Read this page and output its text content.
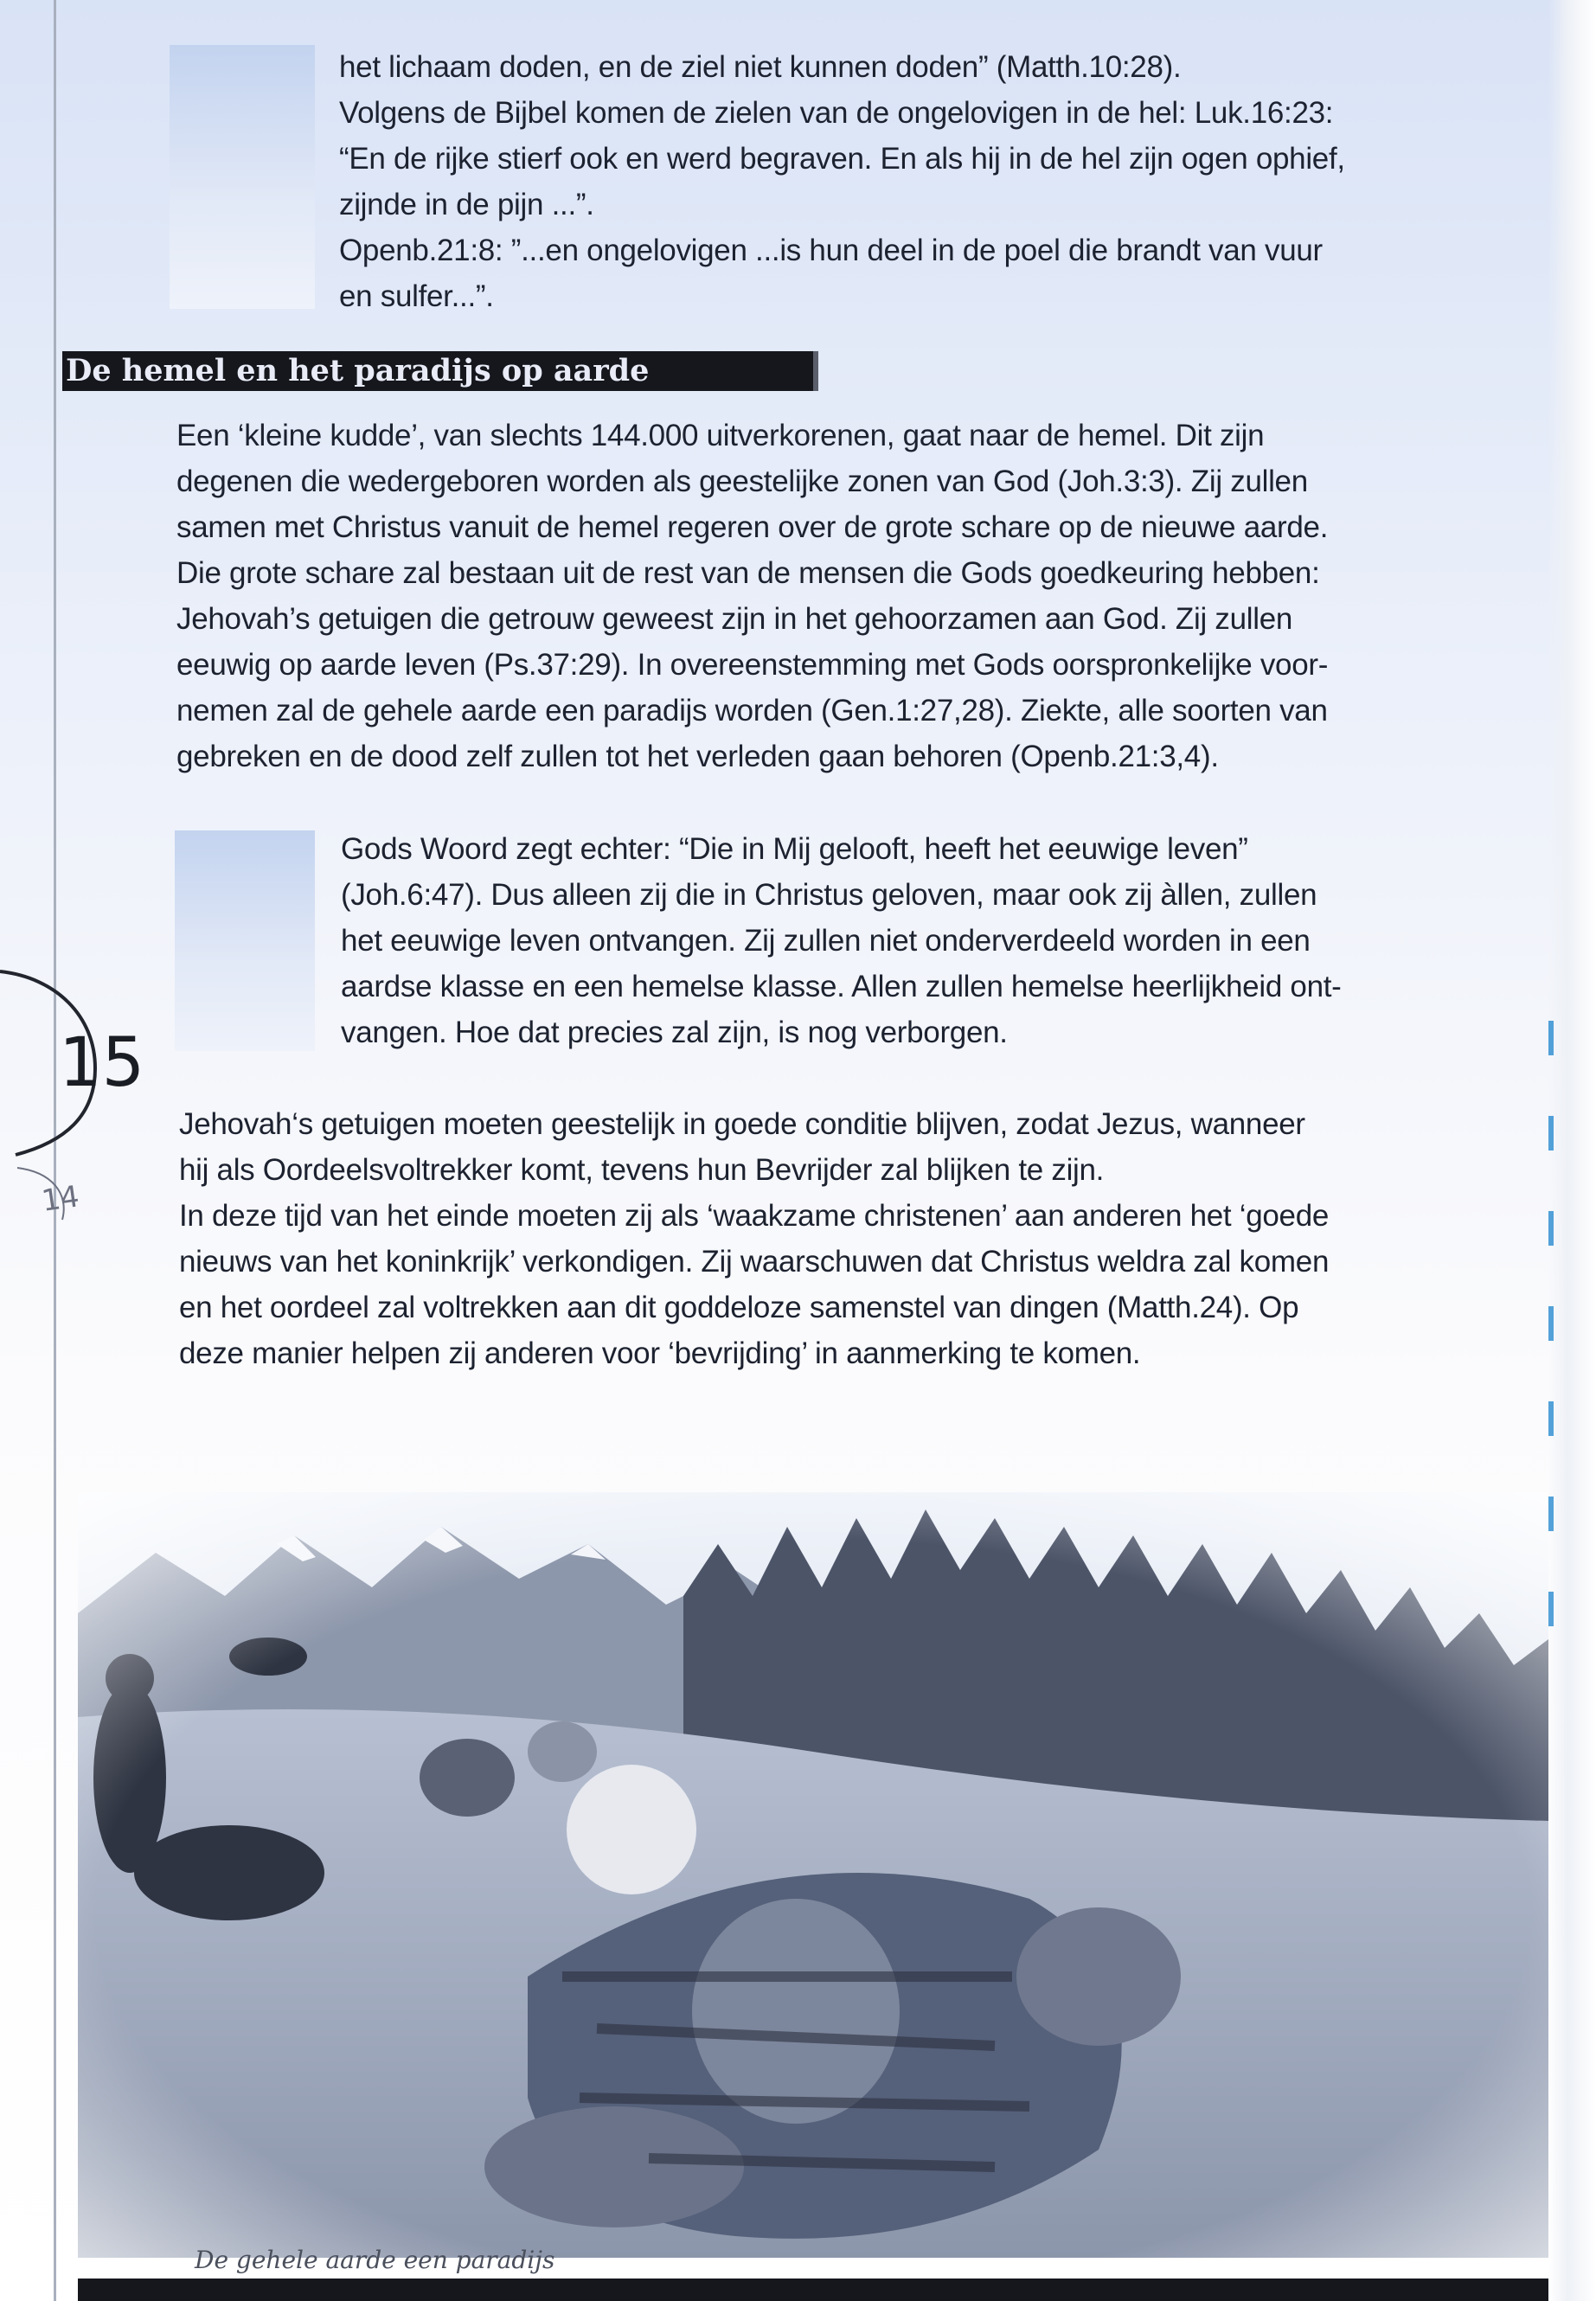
het lichaam doden, en de ziel niet kunnen doden” (Matth.10:28).
Volgens de Bijbel komen de zielen van de ongelovigen in de hel: Luk.16:23:
“En de rijke stierf ook en werd begraven. En als hij in de hel zijn ogen ophief,
zijnde in de pijn ...”.
Openb.21:8: ”...en ongelovigen ...is hun deel in de poel die brandt van vuur
en sulfer...”.
De hemel en het paradijs op aarde
Een ‘kleine kudde’, van slechts 144.000 uitverkorenen, gaat naar de hemel. Dit zijn
degenen die wedergeboren worden als geestelijke zonen van God (Joh.3:3). Zij zullen
samen met Christus vanuit de hemel regeren over de grote schare op de nieuwe aarde.
Die grote schare zal bestaan uit de rest van de mensen die Gods goedkeuring hebben:
Jehovah’s getuigen die getrouw geweest zijn in het gehoorzamen aan God. Zij zullen
eeuwig op aarde leven (Ps.37:29). In overeenstemming met Gods oorspronkelijke voor-
nemen zal de gehele aarde een paradijs worden (Gen.1:27,28). Ziekte, alle soorten van
gebreken en de dood zelf zullen tot het verleden gaan behoren (Openb.21:3,4).
Gods Woord zegt echter: “Die in Mij gelooft, heeft het eeuwige leven”
(Joh.6:47). Dus alleen zij die in Christus geloven, maar ook zij àllen, zullen
het eeuwige leven ontvangen. Zij zullen niet onderverdeeld worden in een
aardse klasse en een hemelse klasse. Allen zullen hemelse heerlijkheid ont-
vangen. Hoe dat precies zal zijn, is nog verborgen.
15
14
Jehovah‘s getuigen moeten geestelijk in goede conditie blijven, zodat Jezus, wanneer
hij als Oordeelsvoltrekker komt, tevens hun Bevrijder zal blijken te zijn.
In deze tijd van het einde moeten zij als ‘waakzame christenen’ aan anderen het ‘goede
nieuws van het koninkrijk’ verkondigen. Zij waarschuwen dat Christus weldra zal komen
en het oordeel zal voltrekken aan dit goddeloze samenstel van dingen (Matth.24). Op
deze manier helpen zij anderen voor ‘bevrijding’ in aanmerking te komen.
De gehele aarde een paradijs
